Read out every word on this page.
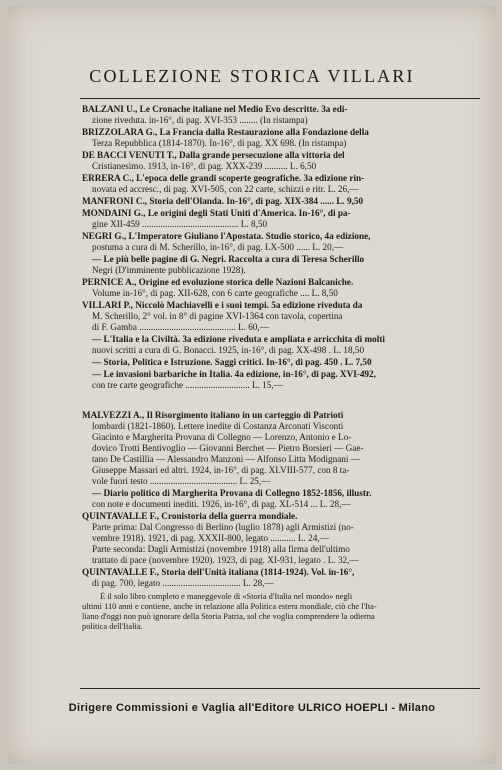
COLLEZIONE STORICA VILLARI
BALZANI U., Le Cronache italiane nel Medio Evo descritte. 3a edi-
zione riveduta. in-16°, di pag. XVI-353 ........ (In ristampa)
BRIZZOLARA G., La Francia dalla Restaurazione alla Fondazione della
Terza Repubblica (1814-1870). In-16°, di pag. XX 698. (In ristampa)
DE BACCI VENUTI T., Dalla grande persecuzione alla vittoria del
Cristianesimo. 1913, in-16°, di pag. XXX-239 .......... L. 6,50
ERRERA C., L'epoca delle grandi scoperte geografiche. 3a edizione rin-
novata ed accresc., di pag. XVI-505, con 22 carte, schizzi e ritr. L. 26,—
MANFRONI C., Storia dell'Olanda. In-16°, di pag. XIX-384 ...... L. 9,50
MONDAINI G., Le origini degli Stati Uniti d'America. In-16°, di pa-
gine XII-459 .......................................... L. 8,50
NEGRI G., L'Imperatore Giuliano l'Apostata. Studio storico, 4a edizione,
postuma a cura di M. Scherillo, in-16°, di pag. LX-500 ...... L. 20,—
— Le più belle pagine di G. Negri. Raccolta a cura di Teresa Scherillo
Negri (D'imminente pubblicazione 1928).
PERNICE A., Origine ed evoluzione storica delle Nazioni Balcaniche.
Volume in-16°, di pag. XII-628, con 6 carte geografiche .... L. 8,50
VILLARI P., Niccolò Machiavelli e i suoi tempi. 5a edizione riveduta da
M. Scherillo, 2° vol. in 8° di pagine XVI-1364 con tavola, copertina
di F. Gamba .......................................... L. 60,—
— L'Italia e la Civiltà. 3a edizione riveduta e ampliata e arricchita di molti
nuovi scritti a cura di G. Bonacci. 1925, in-16°, di pag. XX-498 . L. 18,50
— Storia, Politica e Istruzione. Saggi critici. In-16°, di pag. 450 . L. 7,50
— Le invasioni barbariche in Italia. 4a edizione, in-16°, di pag. XVI-492,
con tre carte geografiche ............................ L. 15,—
MALVEZZI A., Il Risorgimento italiano in un carteggio di Patrioti
lombardi (1821-1860). Lettere inedite di Costanza Arconati Visconti
Giacinto e Margherita Provana di Collegno — Lorenzo, Antonio e Lo-
dovico Trotti Bentivoglio — Giovanni Berchet — Pietro Borsieri — Gae-
tano De Castillia — Alessandro Manzoni — Alfonso Litta Modignani —
Giuseppe Massari ed altri. 1924, in-16°, di pag. XLVIII-577, con 8 ta-
vole fuori testo ...................................... L. 25,—
— Diario politico di Margherita Provana di Collegno 1852-1856, illustr.
con note e documenti inediti. 1926, in-16°, di pag. XL-514 ... L. 28,—
QUINTAVALLE F., Cronistoria della guerra mondiale.
Parte prima: Dal Congresso di Berlino (luglio 1878) agli Armistizi (no-
vembre 1918). 1921, di pag. XXXII-800, legato ........... L. 24,—
Parte seconda: Dagli Armistizi (novembre 1918) alla firma dell'ultimo
trattato di pace (novembre 1920). 1923, di pag. XI-931, legato . L. 32,—
QUINTAVALLE F., Storia dell'Unità italiana (1814-1924). Vol. in-16°,
di pag. 700, legato .................................. L. 28,—
È il solo libro completo e maneggevole di «Storia d'Italia nel mondo» negli
ultimi 110 anni e contiene, anche in relazione alla Politica estera mondiale, ciò che l'Ita-
liano d'oggi non può ignorare della Storia Patria, sol che voglia comprendere la odierna
politica dell'Italia.
Dirigere Commissioni e Vaglia all'Editore ULRICO HOEPLI - Milano
